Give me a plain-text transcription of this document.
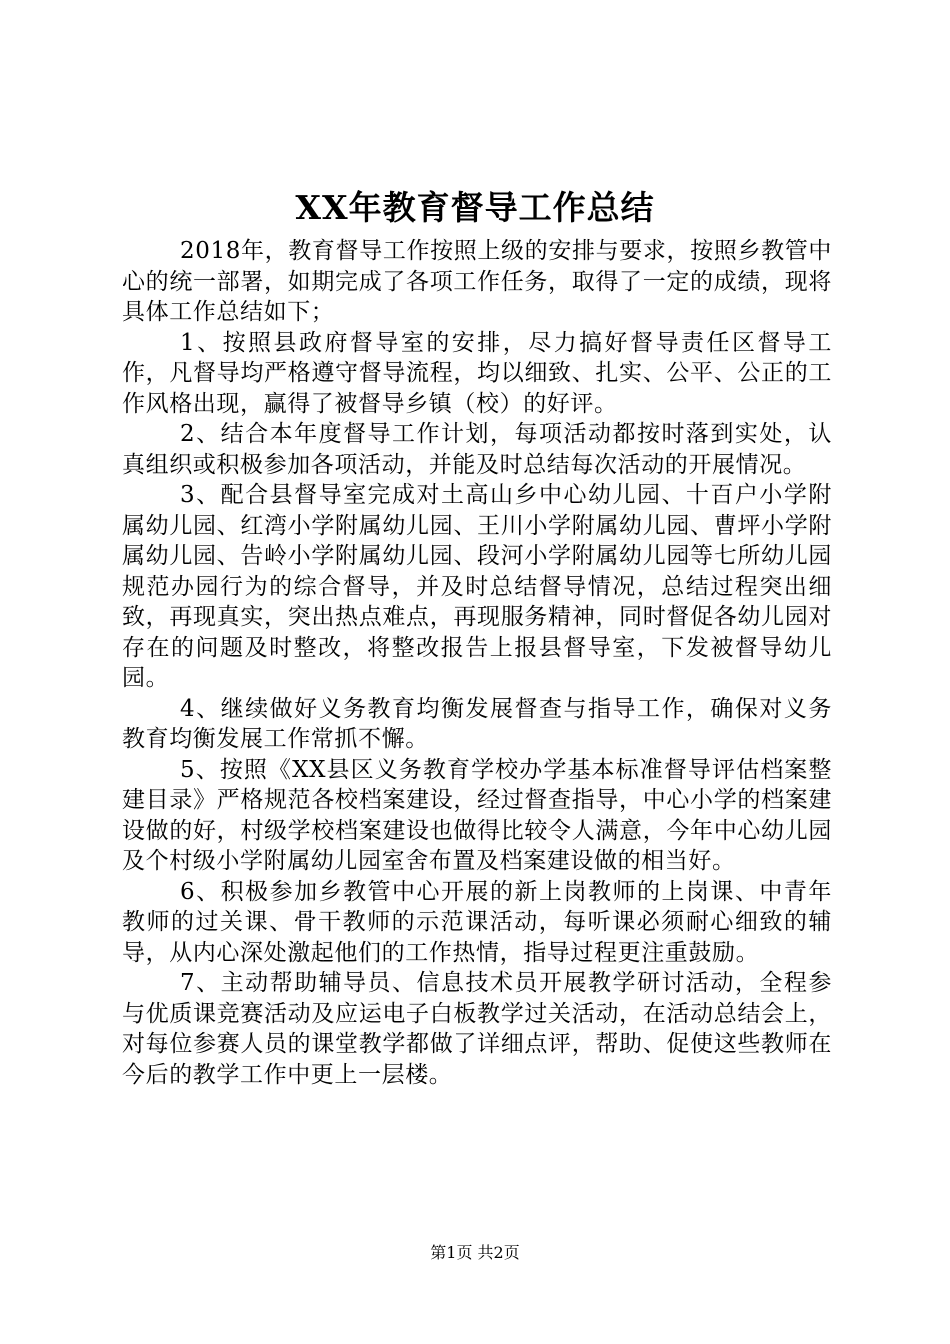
XX年教育督导工作总结

2018年，教育督导工作按照上级的安排与要求，按照乡教管中心的统一部署，如期完成了各项工作任务，取得了一定的成绩，现将具体工作总结如下；

1、按照县政府督导室的安排，尽力搞好督导责任区督导工作，凡督导均严格遵守督导流程，均以细致、扎实、公平、公正的工作风格出现，赢得了被督导乡镇（校）的好评。

2、结合本年度督导工作计划，每项活动都按时落到实处，认真组织或积极参加各项活动，并能及时总结每次活动的开展情况。

3、配合县督导室完成对土高山乡中心幼儿园、十百户小学附属幼儿园、红湾小学附属幼儿园、王川小学附属幼儿园、曹坪小学附属幼儿园、告岭小学附属幼儿园、段河小学附属幼儿园等七所幼儿园规范办园行为的综合督导，并及时总结督导情况，总结过程突出细致，再现真实，突出热点难点，再现服务精神，同时督促各幼儿园对存在的问题及时整改，将整改报告上报县督导室，下发被督导幼儿园。

4、继续做好义务教育均衡发展督查与指导工作，确保对义务教育均衡发展工作常抓不懈。

5、按照《XX县区义务教育学校办学基本标准督导评估档案整建目录》严格规范各校档案建设，经过督查指导，中心小学的档案建设做的好，村级学校档案建设也做得比较令人满意，今年中心幼儿园及个村级小学附属幼儿园室舍布置及档案建设做的相当好。

6、积极参加乡教管中心开展的新上岗教师的上岗课、中青年教师的过关课、骨干教师的示范课活动，每听课必须耐心细致的辅导，从内心深处激起他们的工作热情，指导过程更注重鼓励。

7、主动帮助辅导员、信息技术员开展教学研讨活动，全程参与优质课竞赛活动及应运电子白板教学过关活动，在活动总结会上，对每位参赛人员的课堂教学都做了详细点评，帮助、促使这些教师在今后的教学工作中更上一层楼。

第1页 共2页
